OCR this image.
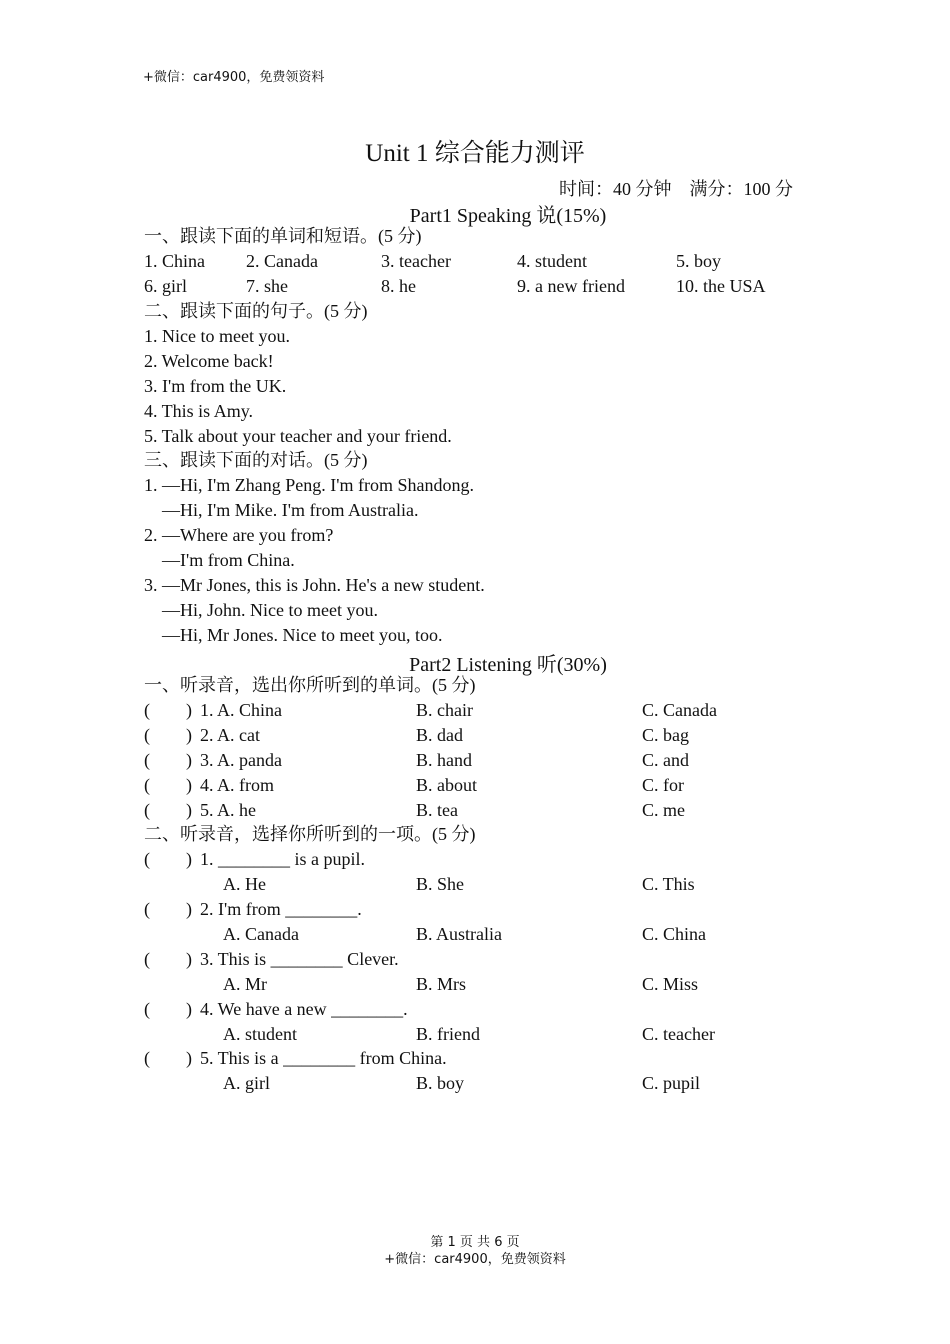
+微信：car4900，免费领资料
Unit 1 综合能力测评
时间：40 分钟    满分：100 分
Part1 Speaking 说(15%)
一、跟读下面的单词和短语。(5 分)
1. China 2. Canada	3. teacher	4. student	5. boy
6. girl	7. she	8. he	9. a new friend	10. the USA
二、跟读下面的句子。(5 分)
1. Nice to meet you.
2. Welcome back!
3. I'm from the UK.
4. This is Amy.
5. Talk about your teacher and your friend.
三、跟读下面的对话。(5 分)
1. —Hi, I'm Zhang Peng. I'm from Shandong.
—Hi, I'm Mike. I'm from Australia.
2. —Where are you from?
—I'm from China.
3. —Mr Jones, this is John. He's a new student.
—Hi, John. Nice to meet you.
—Hi, Mr Jones. Nice to meet you, too.
Part2 Listening 听(30%)
一、听录音，选出你所听到的单词。(5 分)
(        ) 1. A. China	B. chair	C. Canada
(        ) 2. A. cat	B. dad	C. bag
(        ) 3. A. panda	B. hand	C. and
(        ) 4. A. from	B. about	C. for
(        ) 5. A. he	B. tea	C. me
二、听录音，选择你所听到的一项。(5 分)
(        ) 1. ________ is a pupil.
A. He	B. She	C. This
(        ) 2. I'm from ________.
A. Canada	B. Australia	C. China
(        ) 3. This is ________ Clever.
A. Mr	B. Mrs	C. Miss
(        ) 4. We have a new ________.
A. student	B. friend	C. teacher
(        ) 5. This is a ________ from China.
A. girl	B. boy	C. pupil
第 1 页 共 6 页
+微信：car4900，免费领资料
